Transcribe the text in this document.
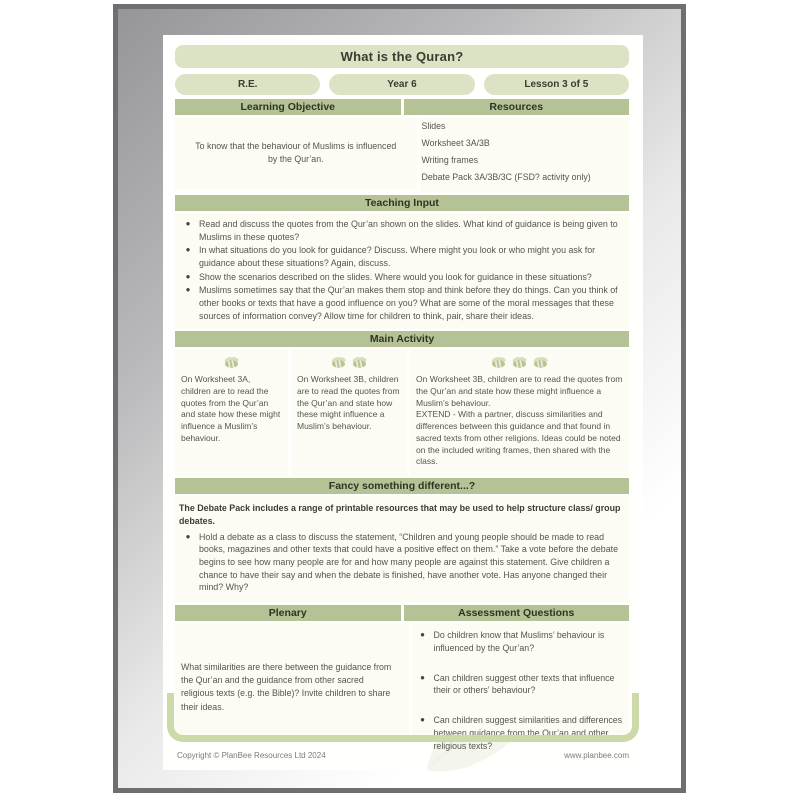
What is the Quran?
R.E.	Year 6	Lesson 3 of 5
Learning Objective	Resources
To know that the behaviour of Muslims is influenced by the Qur’an.
Slides
Worksheet 3A/3B
Writing frames
Debate Pack 3A/3B/3C (FSD? activity only)
Teaching Input
● Read and discuss the quotes from the Qur’an shown on the slides. What kind of guidance is being given to Muslims in these quotes?
● In what situations do you look for guidance? Discuss. Where might you look or who might you ask for guidance about these situations? Again, discuss.
● Show the scenarios described on the slides. Where would you look for guidance in these situations?
● Muslims sometimes say that the Qur’an makes them stop and think before they do things. Can you think of other books or texts that have a good influence on you? What are some of the moral messages that these sources of information convey? Allow time for children to think, pair, share their ideas.
Main Activity
On Worksheet 3A, children are to read the quotes from the Qur’an and state how these might influence a Muslim’s behaviour.
On Worksheet 3B, children are to read the quotes from the Qur’an and state how these might influence a Muslim’s behaviour.
On Worksheet 3B, children are to read the quotes from the Qur’an and state how these might influence a Muslim’s behaviour.
EXTEND - With a partner, discuss similarities and differences between this guidance and that found in sacred texts from other religions. Ideas could be noted on the included writing frames, then shared with the class.
Fancy something different...?
The Debate Pack includes a range of printable resources that may be used to help structure class/ group debates.
● Hold a debate as a class to discuss the statement, “Children and young people should be made to read books, magazines and other texts that could have a positive effect on them.” Take a vote before the debate begins to see how many people are for and how many people are against this statement. Give children a chance to have their say and when the debate is finished, have another vote. Has anyone changed their mind? Why?
Plenary	Assessment Questions
What similarities are there between the guidance from the Qur’an and the guidance from other sacred religious texts (e.g. the Bible)? Invite children to share their ideas.
● Do children know that Muslims’ behaviour is influenced by the Qur’an?
● Can children suggest other texts that influence their or others’ behaviour?
● Can children suggest similarities and differences between guidance from the Qur’an and other religious texts?
Copyright © PlanBee Resources Ltd 2024	www.planbee.com
